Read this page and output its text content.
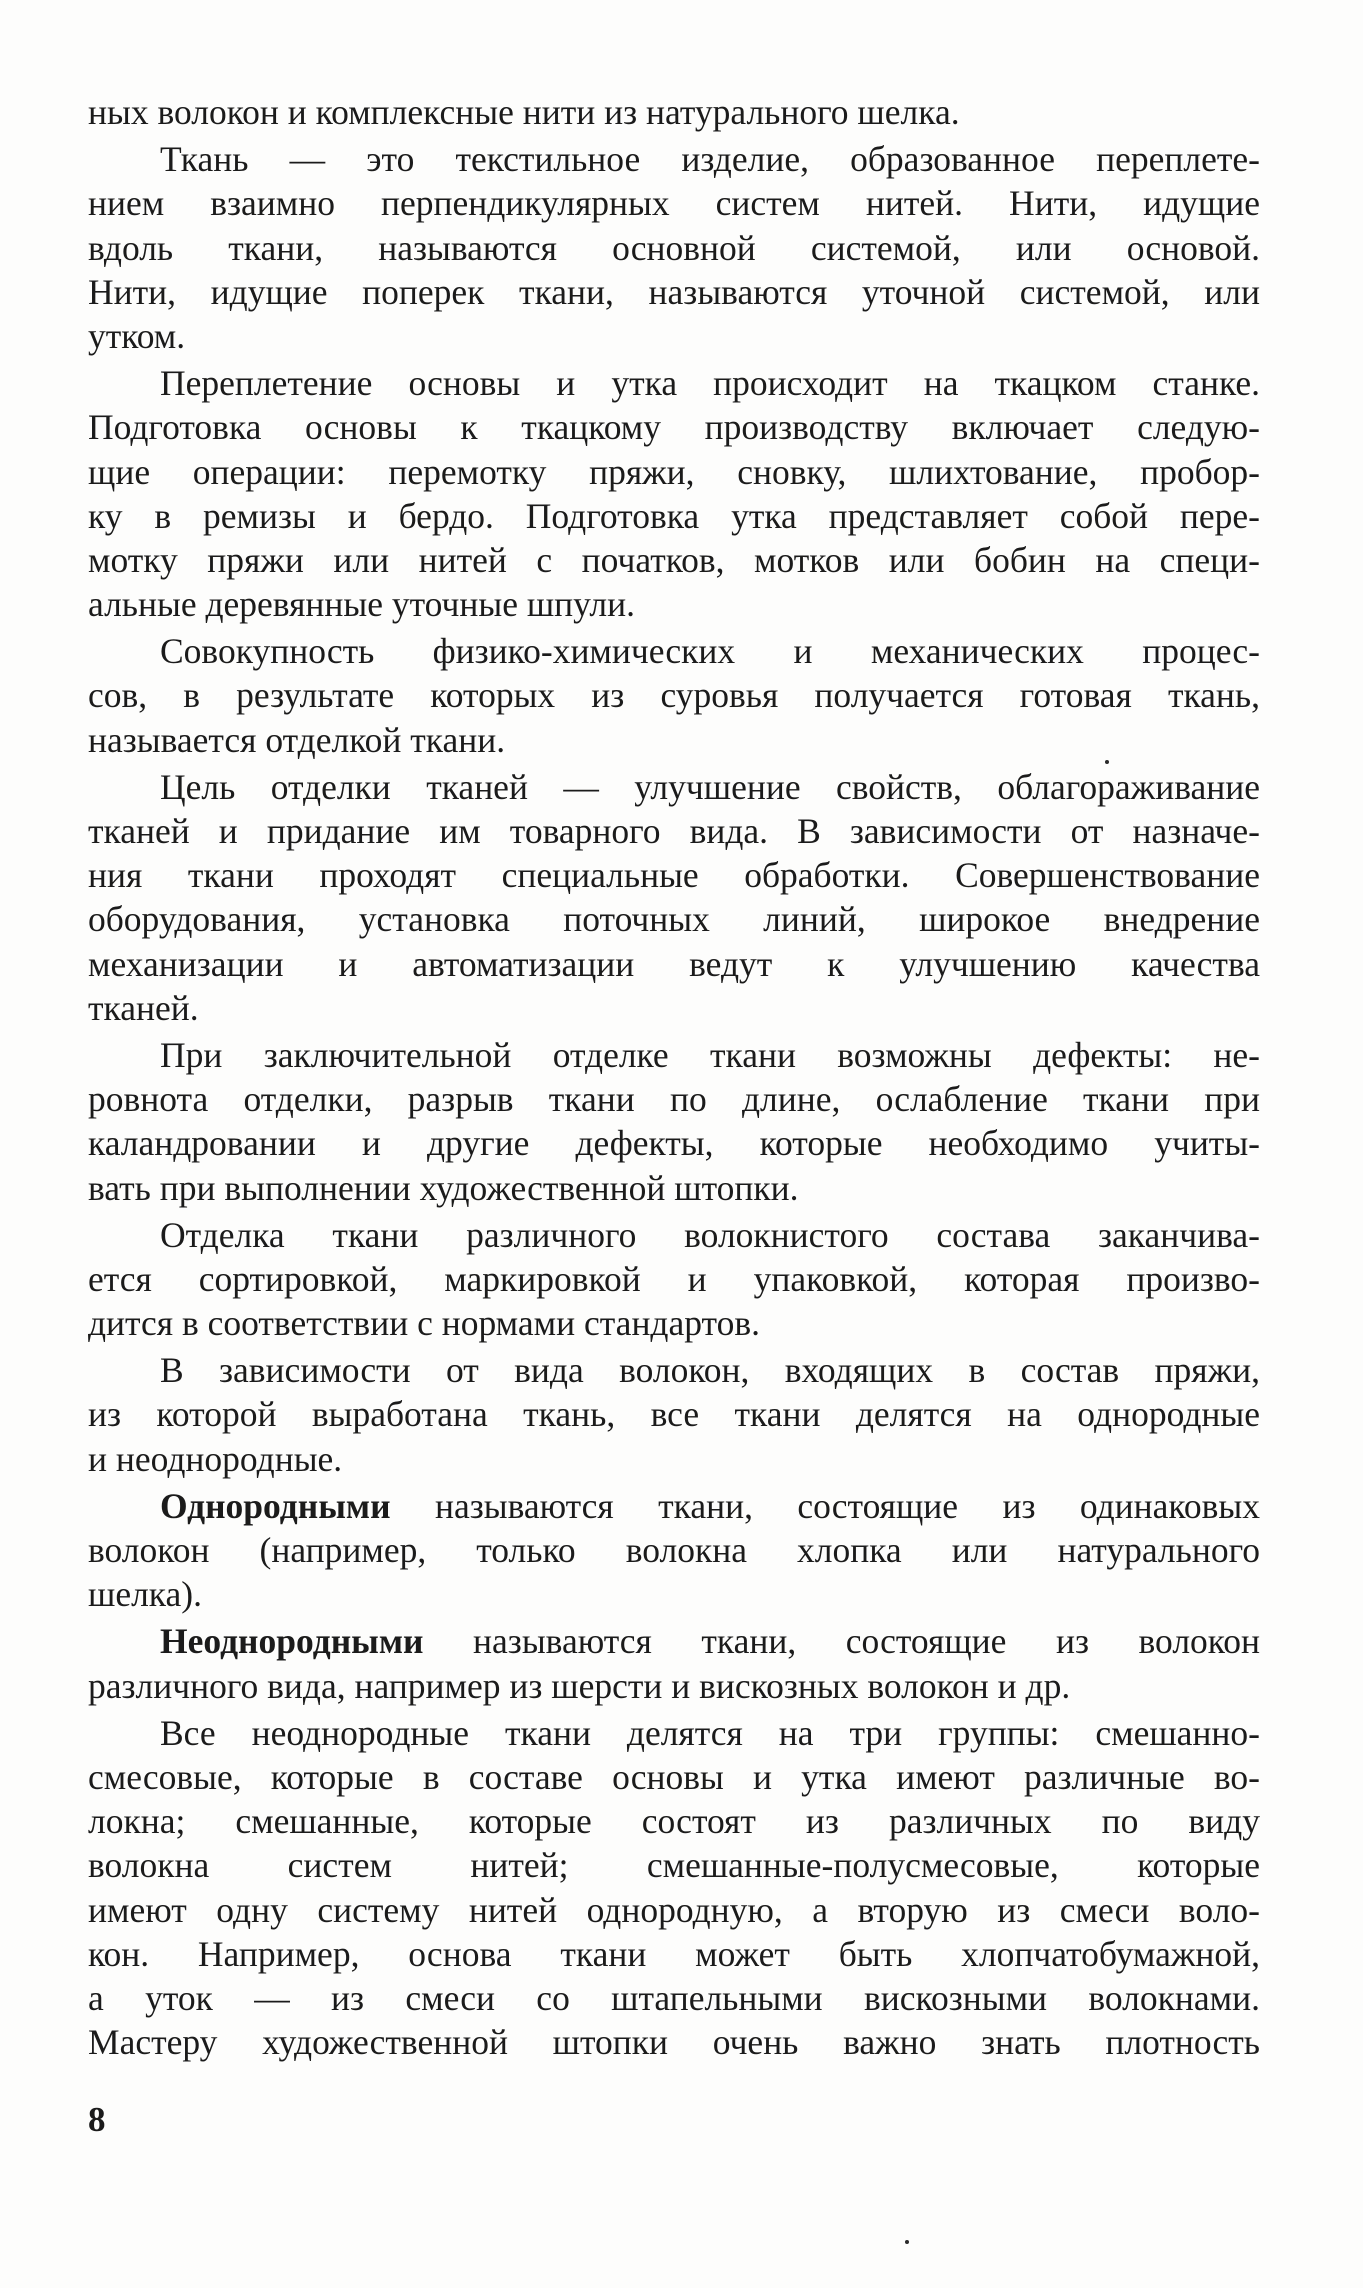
ных волокон и комплексные нити из натурального шелка.
Ткань — это текстильное изделие, образованное переплете-
нием взаимно перпендикулярных систем нитей. Нити, идущие
вдоль ткани, называются основной системой, или основой.
Нити, идущие поперек ткани, называются уточной системой, или
утком.
Переплетение основы и утка происходит на ткацком станке.
Подготовка основы к ткацкому производству включает следую-
щие операции: перемотку пряжи, сновку, шлихтование, пробор-
ку в ремизы и бердо. Подготовка утка представляет собой пере-
мотку пряжи или нитей с початков, мотков или бобин на специ-
альные деревянные уточные шпули.
Совокупность физико-химических и механических процес-
сов, в результате которых из суровья получается готовая ткань,
называется отделкой ткани.
Цель отделки тканей — улучшение свойств, облагораживание
тканей и придание им товарного вида. В зависимости от назначе-
ния ткани проходят специальные обработки. Совершенствование
оборудования, установка поточных линий, широкое внедрение
механизации и автоматизации ведут к улучшению качества
тканей.
При заключительной отделке ткани возможны дефекты: не-
ровнота отделки, разрыв ткани по длине, ослабление ткани при
каландровании и другие дефекты, которые необходимо учиты-
вать при выполнении художественной штопки.
Отделка ткани различного волокнистого состава заканчива-
ется сортировкой, маркировкой и упаковкой, которая произво-
дится в соответствии с нормами стандартов.
В зависимости от вида волокон, входящих в состав пряжи,
из которой выработана ткань, все ткани делятся на однородные
и неоднородные.
Однородными называются ткани, состоящие из одинаковых
волокон (например, только волокна хлопка или натурального
шелка).
Неоднородными называются ткани, состоящие из волокон
различного вида, например из шерсти и вискозных волокон и др.
Все неоднородные ткани делятся на три группы: смешанно-
смесовые, которые в составе основы и утка имеют различные во-
локна; смешанные, которые состоят из различных по виду
волокна систем нитей; смешанные-полусмесовые, которые
имеют одну систему нитей однородную, а вторую из смеси воло-
кон. Например, основа ткани может быть хлопчатобумажной,
а уток — из смеси со штапельными вискозными волокнами.
Мастеру художественной штопки очень важно знать плотность
8
